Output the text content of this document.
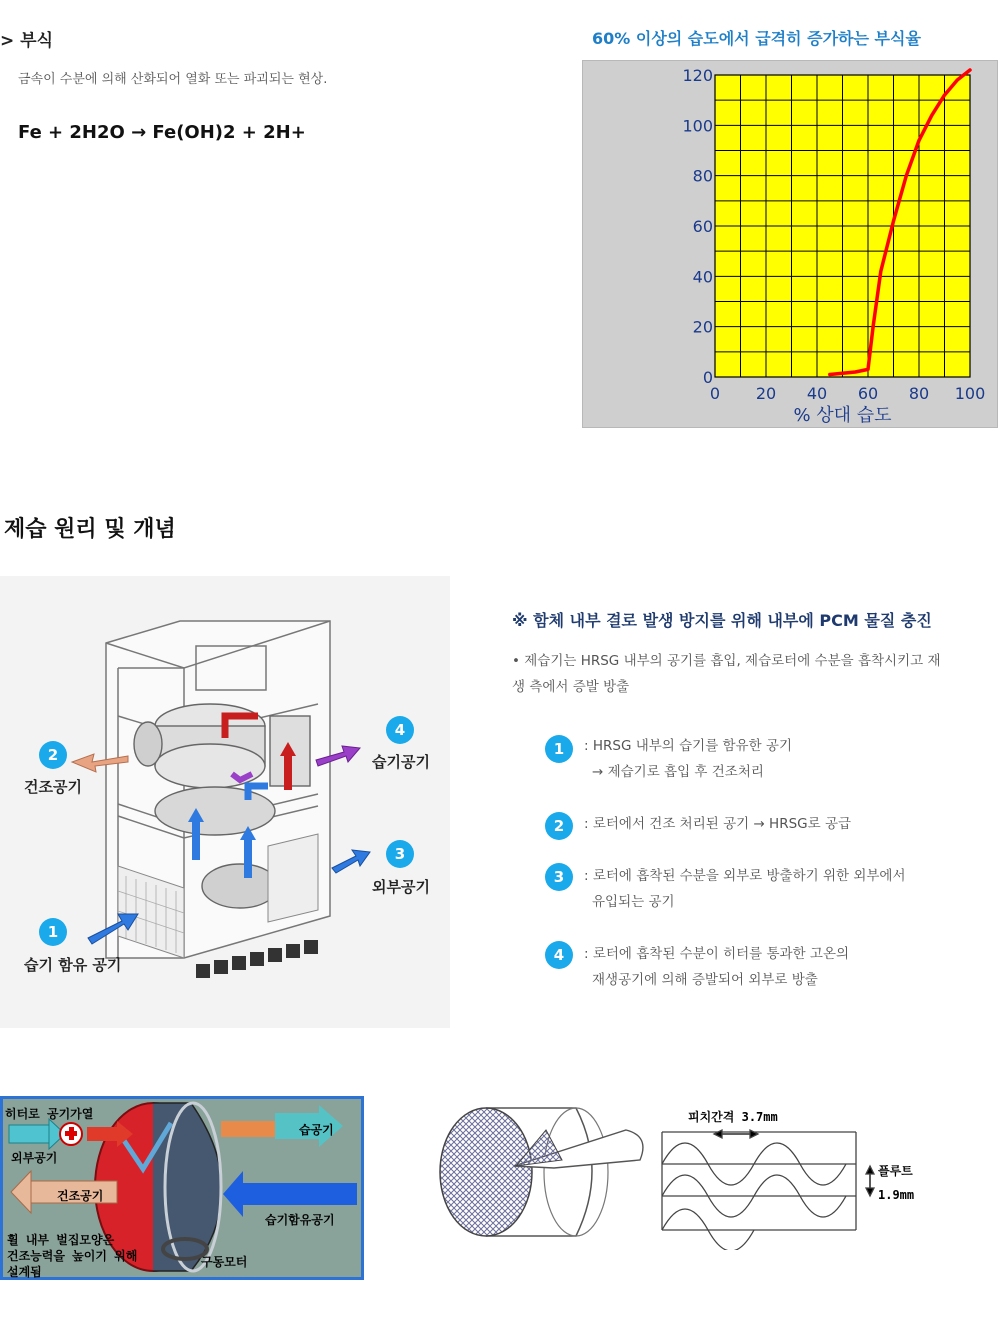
> 부식
금속이 수분에 의해 산화되어 열화 또는 파괴되는 현상.
Fe + 2H2O → Fe(OH)2 + 2H+
60% 이상의 습도에서 급격히 증가하는 부식율
0
20
40
60
80
100
120
0 20 40 60 80 100
% 상대 습도
제습 원리 및 개념
2
건조공기
4
습기공기
3
외부공기
1
습기 함유 공기
※ 함체 내부 결로 발생 방지를 위해 내부에 PCM 물질 충진
• 제습기는 HRSG 내부의 공기를 흡입, 제습로터에 수분을 흡착시키고 재생 측에서 증발 방출
1	: HRSG 내부의 습기를 함유한 공기
→ 제습기로 흡입 후 건조처리
2	: 로터에서 건조 처리된 공기 → HRSG로 공급
3	: 로터에 흡착된 수분을 외부로 방출하기 위한 외부에서
유입되는 공기
4	: 로터에 흡착된 수분이 히터를 통과한 고온의
재생공기에 의해 증발되어 외부로 방출
히터로 공기가열
외부공기
건조공기
습공기
습기함유공기
구동모터
휠 내부 벌집모양은
건조능력을 높이기 위해
설계됨
피치간격 3.7mm
플루트
1.9mm
